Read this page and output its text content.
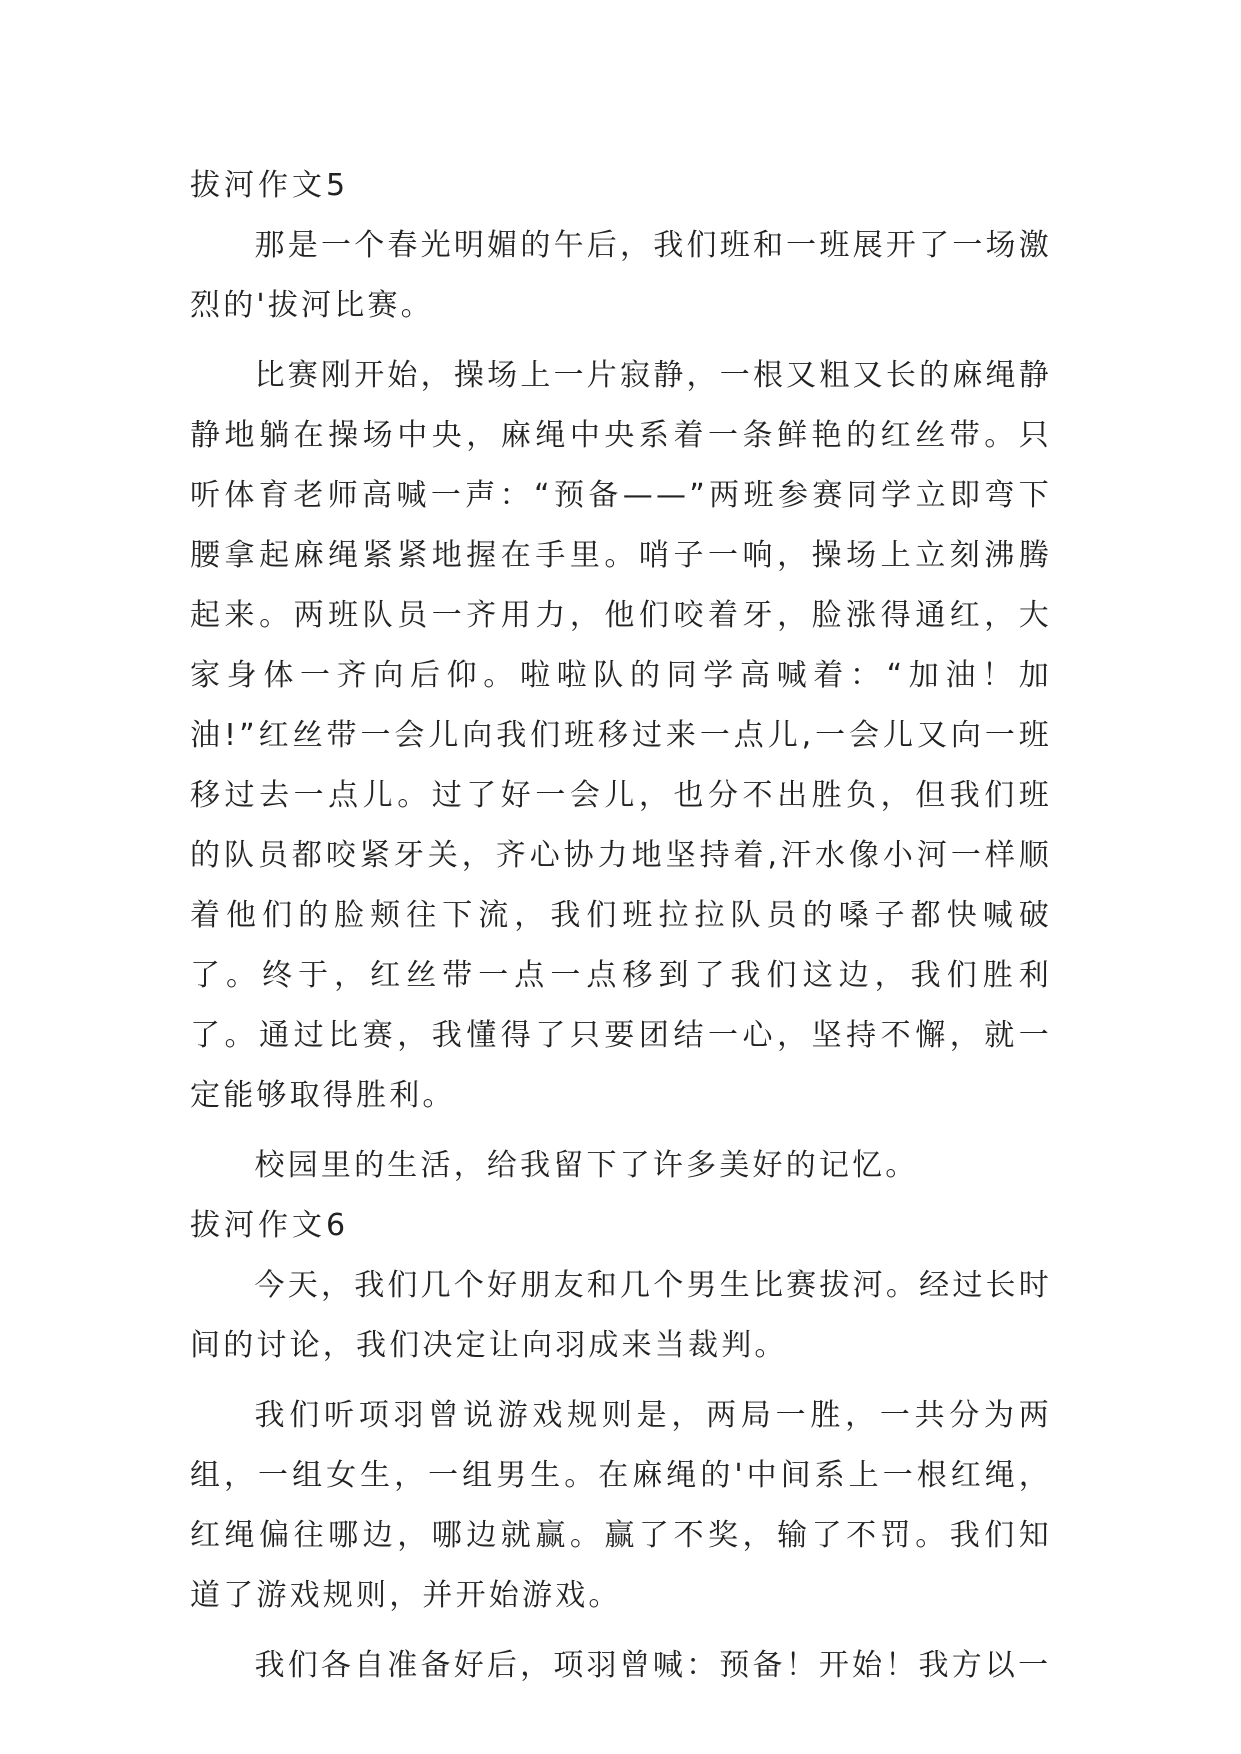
拔河作文5

那是一个春光明媚的午后，我们班和一班展开了一场激烈的'拔河比赛。

比赛刚开始，操场上一片寂静，一根又粗又长的麻绳静静地躺在操场中央，麻绳中央系着一条鲜艳的红丝带。只听体育老师高喊一声：“预备——”两班参赛同学立即弯下腰拿起麻绳紧紧地握在手里。哨子一响，操场上立刻沸腾起来。两班队员一齐用力，他们咬着牙，脸涨得通红，大家身体一齐向后仰。啦啦队的同学高喊着：“加油！加油!”红丝带一会儿向我们班移过来一点儿,一会儿又向一班移过去一点儿。过了好一会儿，也分不出胜负，但我们班的队员都咬紧牙关，齐心协力地坚持着,汗水像小河一样顺着他们的脸颊往下流，我们班拉拉队员的嗓子都快喊破了。终于，红丝带一点一点移到了我们这边，我们胜利了。通过比赛，我懂得了只要团结一心，坚持不懈，就一定能够取得胜利。

校园里的生活，给我留下了许多美好的记忆。

拔河作文6

今天，我们几个好朋友和几个男生比赛拔河。经过长时间的讨论，我们决定让向羽成来当裁判。

我们听项羽曾说游戏规则是，两局一胜，一共分为两组，一组女生，一组男生。在麻绳的'中间系上一根红绳，红绳偏往哪边，哪边就赢。赢了不奖，输了不罚。我们知道了游戏规则，并开始游戏。

我们各自准备好后，项羽曾喊：预备！开始！我方以一
